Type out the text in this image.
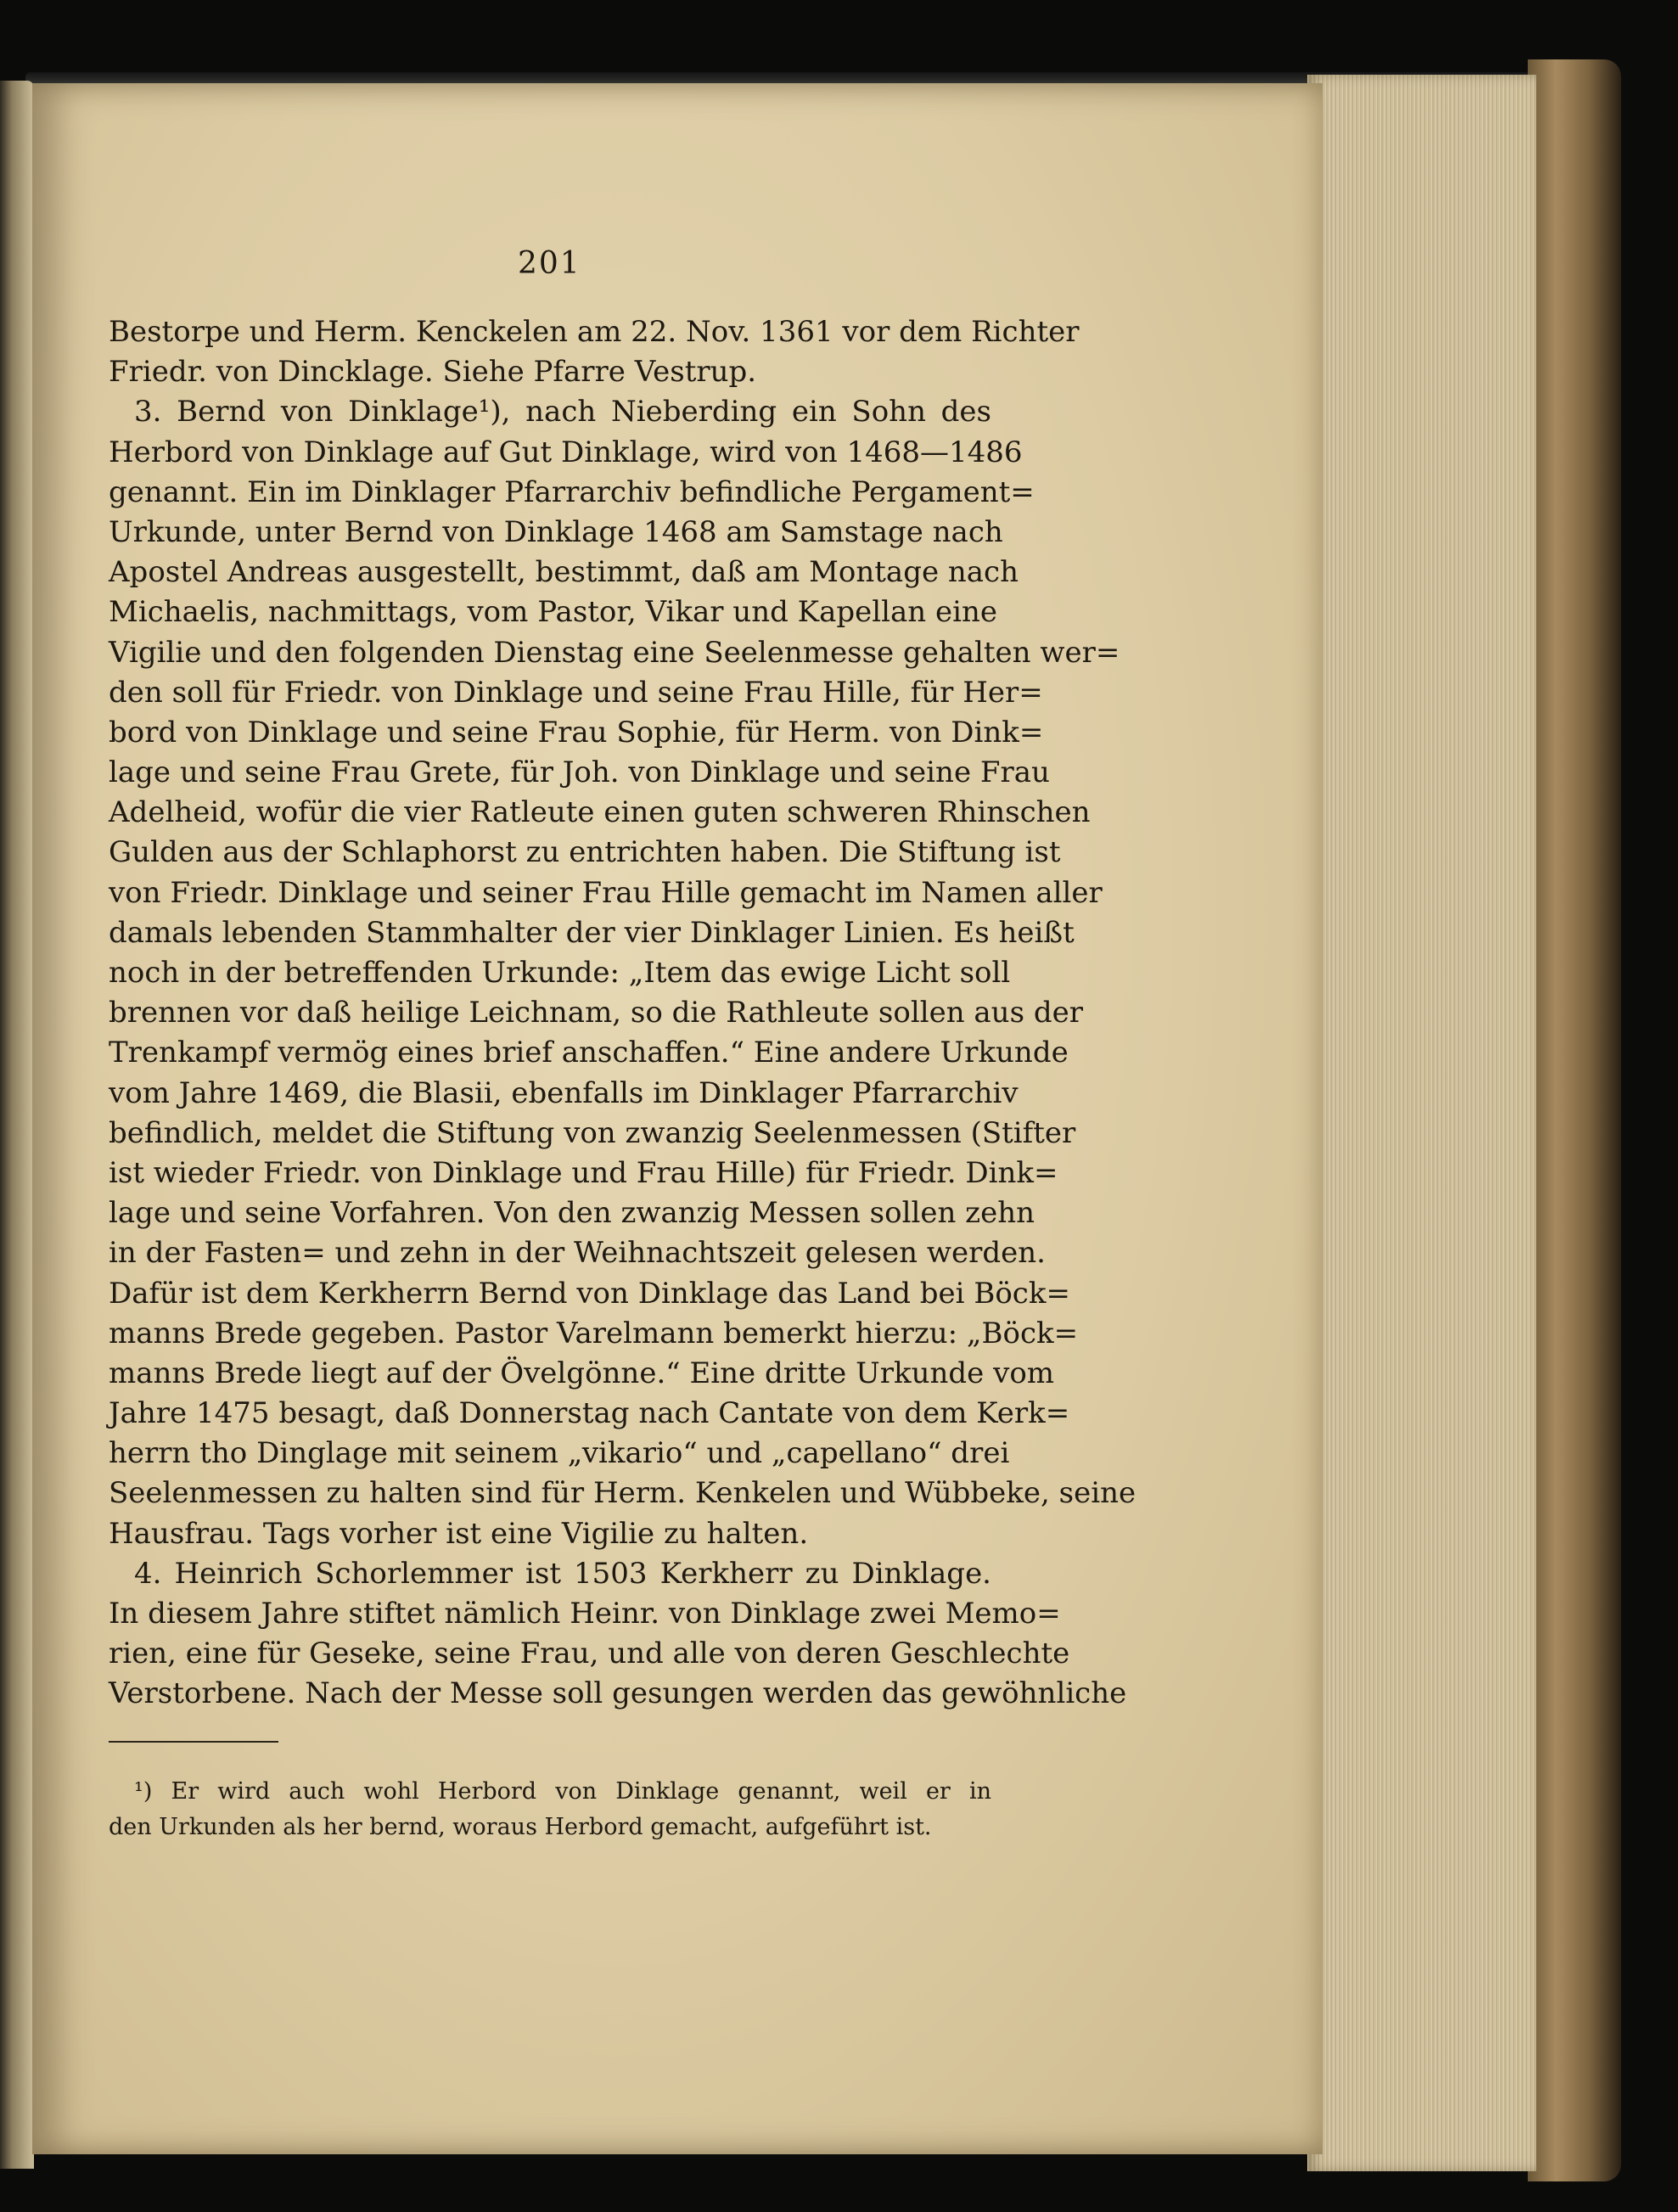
201
Bestorpe und Herm. Kenckelen am 22. Nov. 1361 vor dem Richter
Friedr. von Dincklage. Siehe Pfarre Vestrup.
3. Bernd von Dinklage¹), nach Nieberding ein Sohn des
Herbord von Dinklage auf Gut Dinklage, wird von 1468—1486
genannt. Ein im Dinklager Pfarrarchiv befindliche Pergament=
Urkunde, unter Bernd von Dinklage 1468 am Samstage nach
Apostel Andreas ausgestellt, bestimmt, daß am Montage nach
Michaelis, nachmittags, vom Pastor, Vikar und Kapellan eine
Vigilie und den folgenden Dienstag eine Seelenmesse gehalten wer=
den soll für Friedr. von Dinklage und seine Frau Hille, für Her=
bord von Dinklage und seine Frau Sophie, für Herm. von Dink=
lage und seine Frau Grete, für Joh. von Dinklage und seine Frau
Adelheid, wofür die vier Ratleute einen guten schweren Rhinschen
Gulden aus der Schlaphorst zu entrichten haben. Die Stiftung ist
von Friedr. Dinklage und seiner Frau Hille gemacht im Namen aller
damals lebenden Stammhalter der vier Dinklager Linien. Es heißt
noch in der betreffenden Urkunde: „Item das ewige Licht soll
brennen vor daß heilige Leichnam, so die Rathleute sollen aus der
Trenkampf vermög eines brief anschaffen.“ Eine andere Urkunde
vom Jahre 1469, die Blasii, ebenfalls im Dinklager Pfarrarchiv
befindlich, meldet die Stiftung von zwanzig Seelenmessen (Stifter
ist wieder Friedr. von Dinklage und Frau Hille) für Friedr. Dink=
lage und seine Vorfahren. Von den zwanzig Messen sollen zehn
in der Fasten= und zehn in der Weihnachtszeit gelesen werden.
Dafür ist dem Kerkherrn Bernd von Dinklage das Land bei Böck=
manns Brede gegeben. Pastor Varelmann bemerkt hierzu: „Böck=
manns Brede liegt auf der Övelgönne.“ Eine dritte Urkunde vom
Jahre 1475 besagt, daß Donnerstag nach Cantate von dem Kerk=
herrn tho Dinglage mit seinem „vikario“ und „capellano“ drei
Seelenmessen zu halten sind für Herm. Kenkelen und Wübbeke, seine
Hausfrau. Tags vorher ist eine Vigilie zu halten.
4. Heinrich Schorlemmer ist 1503 Kerkherr zu Dinklage.
In diesem Jahre stiftet nämlich Heinr. von Dinklage zwei Memo=
rien, eine für Geseke, seine Frau, und alle von deren Geschlechte
Verstorbene. Nach der Messe soll gesungen werden das gewöhnliche
¹) Er wird auch wohl Herbord von Dinklage genannt, weil er in
den Urkunden als her bernd, woraus Herbord gemacht, aufgeführt ist.
